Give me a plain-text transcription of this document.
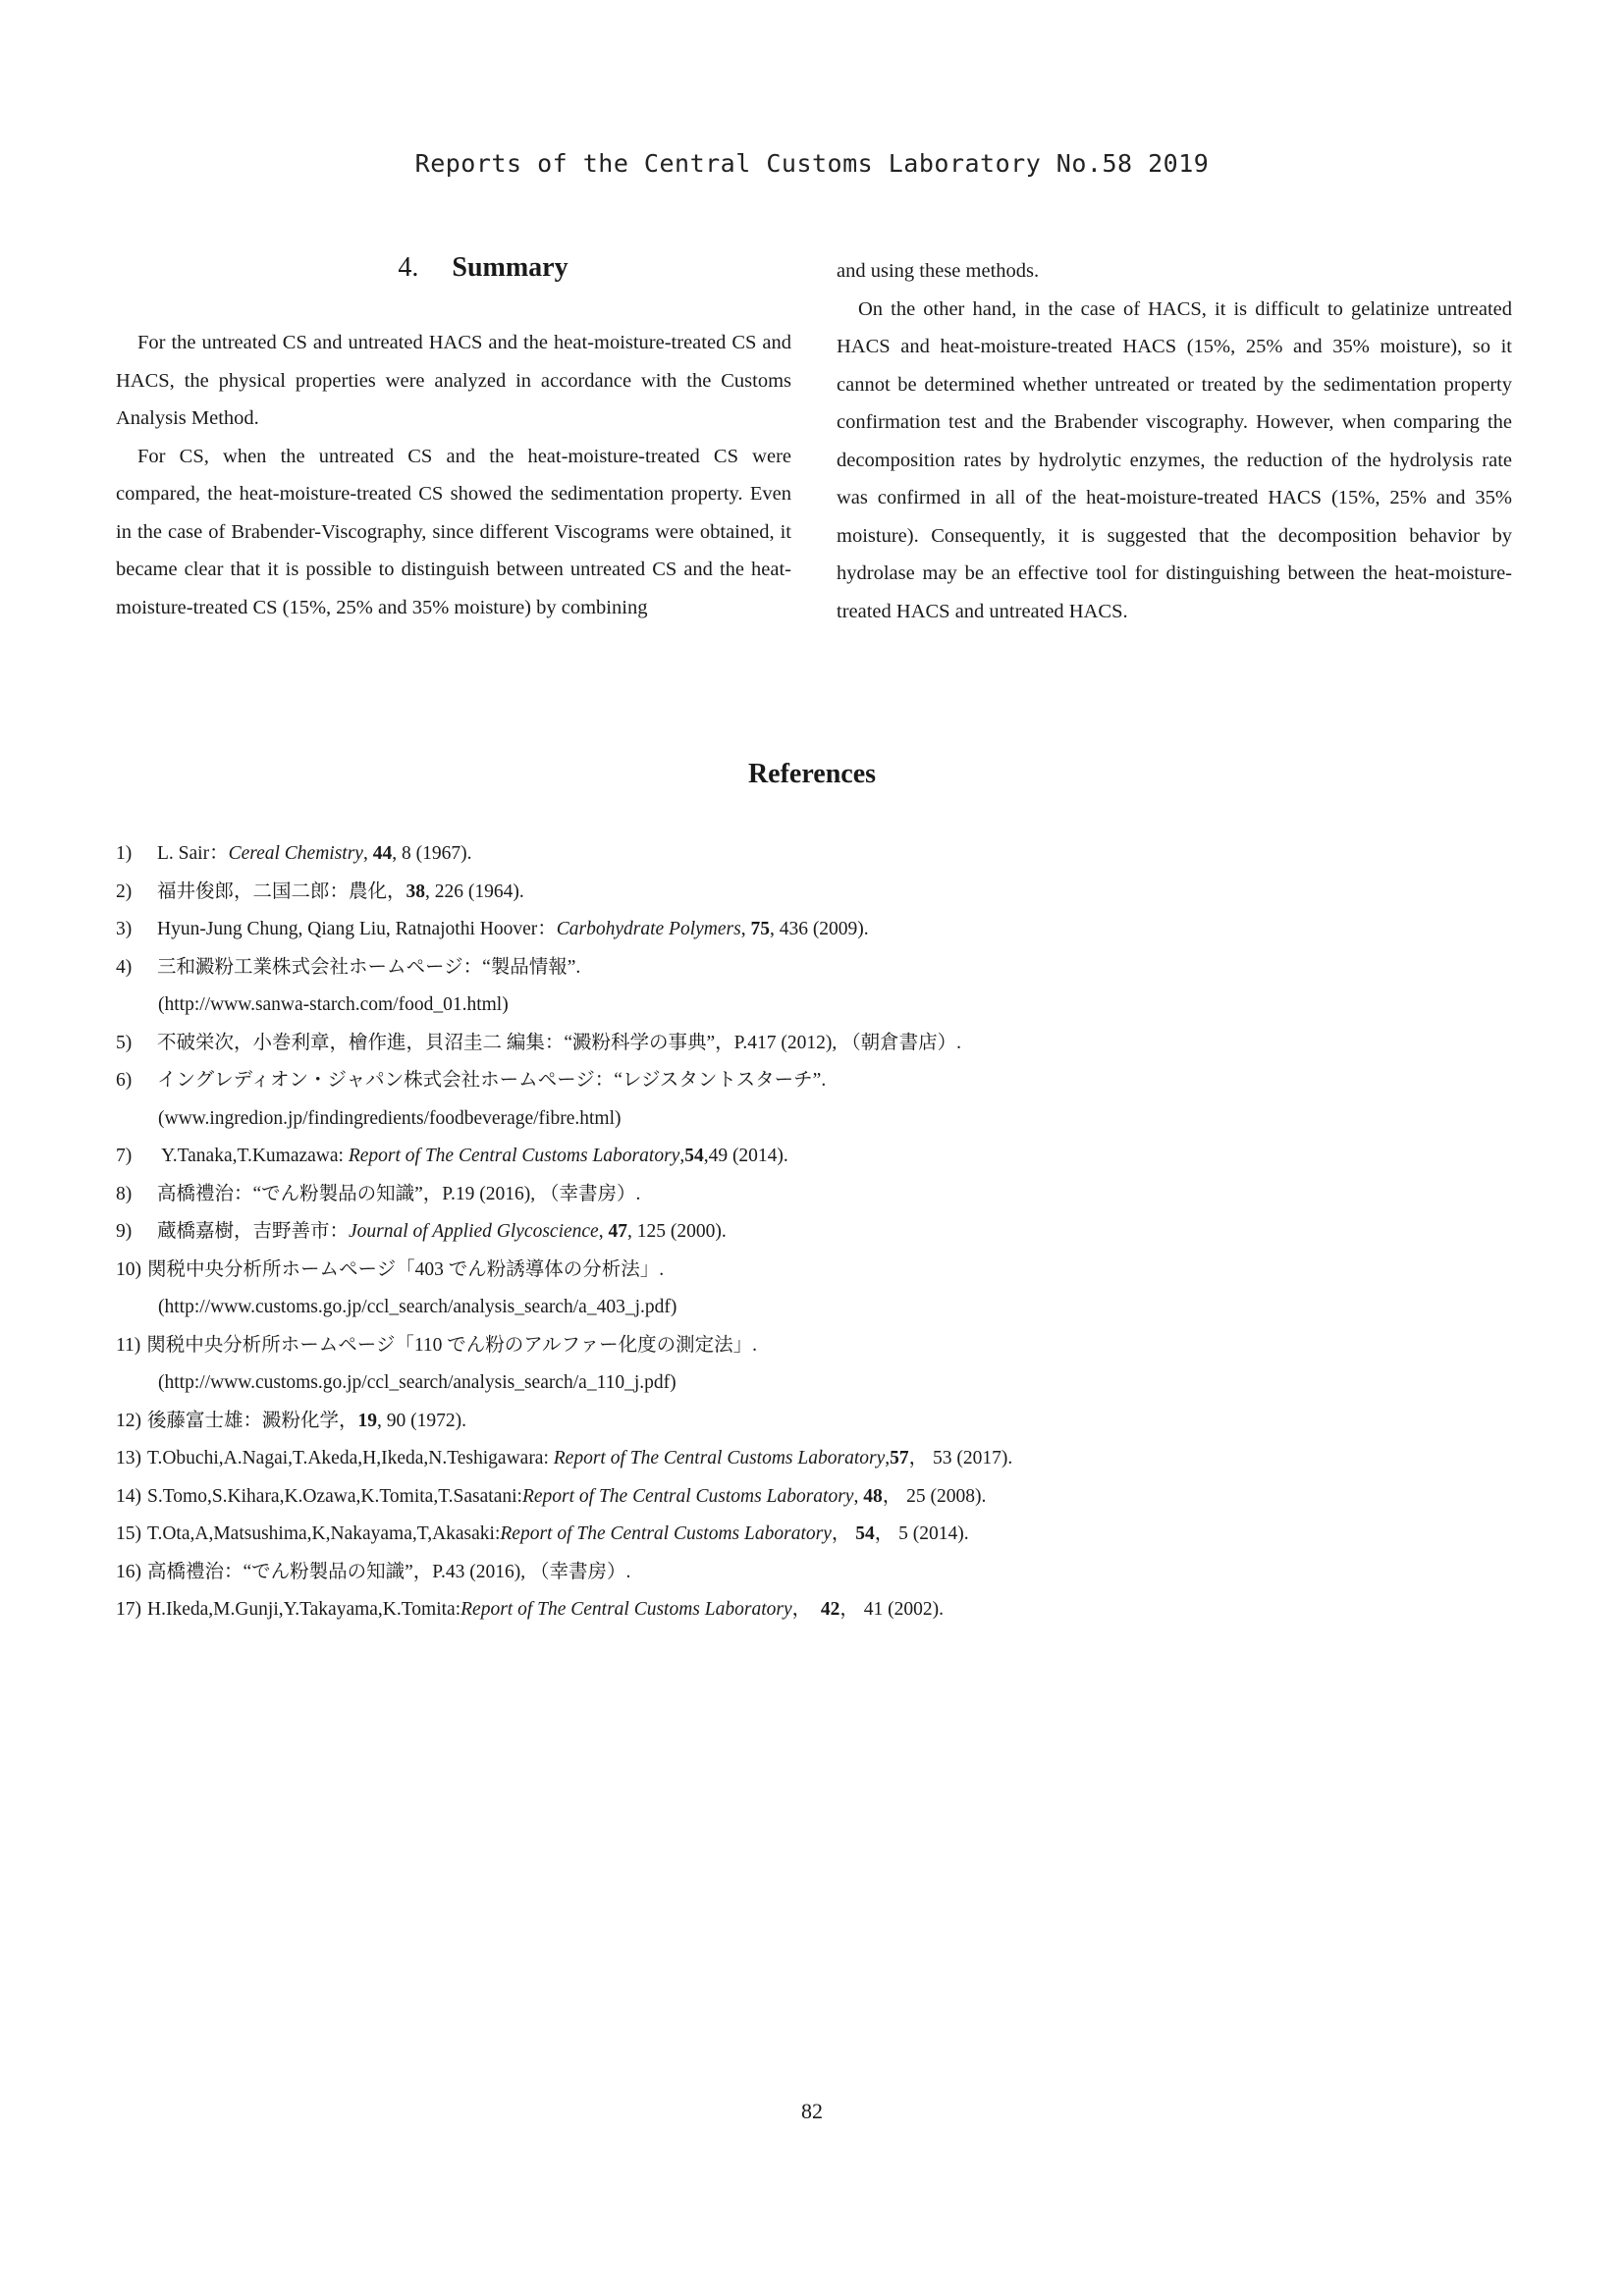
Reports of the Central Customs Laboratory No.58 2019
4. Summary

For the untreated CS and untreated HACS and the heat-moisture-treated CS and HACS, the physical properties were analyzed in accordance with the Customs Analysis Method.

For CS, when the untreated CS and the heat-moisture-treated CS were compared, the heat-moisture-treated CS showed the sedimentation property. Even in the case of Brabender-Viscography, since different Viscograms were obtained, it became clear that it is possible to distinguish between untreated CS and the heat-moisture-treated CS (15%, 25% and 35% moisture) by combining

and using these methods.

On the other hand, in the case of HACS, it is difficult to gelatinize untreated HACS and heat-moisture-treated HACS (15%, 25% and 35% moisture), so it cannot be determined whether untreated or treated by the sedimentation property confirmation test and the Brabender viscography. However, when comparing the decomposition rates by hydrolytic enzymes, the reduction of the hydrolysis rate was confirmed in all of the heat-moisture-treated HACS (15%, 25% and 35% moisture). Consequently, it is suggested that the decomposition behavior by hydrolase may be an effective tool for distinguishing between the heat-moisture-treated HACS and untreated HACS.

References
1) L. Sair：Cereal Chemistry, 44, 8 (1967).
2) 福井俊郎，二国二郎：農化，38, 226 (1964).
3) Hyun-Jung Chung, Qiang Liu, Ratnajothi Hoover：Carbohydrate Polymers, 75, 436 (2009).
4) 三和澱粉工業株式会社ホームページ：“製品情報”.
(http://www.sanwa-starch.com/food_01.html)
5) 不破栄次，小巻利章，檜作進，貝沼圭二 編集：“澱粉科学の事典”，P.417 (2012), （朝倉書店）.
6) イングレディオン・ジャパン株式会社ホームページ：“レジスタントスターチ”.
(www.ingredion.jp/findingredients/foodbeverage/fibre.html)
7) Y.Tanaka,T.Kumazawa: Report of The Central Customs Laboratory,54,49 (2014).
8) 高橋禮治：“でん粉製品の知識”，P.19 (2016), （幸書房）.
9) 蔵橋嘉樹，吉野善市：Journal of Applied Glycoscience, 47, 125 (2000).
10) 関税中央分析所ホームページ「403 でん粉誘導体の分析法」.
(http://www.customs.go.jp/ccl_search/analysis_search/a_403_j.pdf)
11) 関税中央分析所ホームページ「110 でん粉のアルファー化度の測定法」.
(http://www.customs.go.jp/ccl_search/analysis_search/a_110_j.pdf)
12) 後藤富士雄：澱粉化学，19, 90 (1972).
13) T.Obuchi,A.Nagai,T.Akeda,H,Ikeda,N.Teshigawara: Report of The Central Customs Laboratory,57， 53 (2017).
14) S.Tomo,S.Kihara,K.Ozawa,K.Tomita,T.Sasatani:Report of The Central Customs Laboratory, 48， 25 (2008).
15) T.Ota,A,Matsushima,K,Nakayama,T,Akasaki:Report of The Central Customs Laboratory， 54， 5 (2014).
16) 高橋禮治：“でん粉製品の知識”，P.43 (2016), （幸書房）.
17) H.Ikeda,M.Gunji,Y.Takayama,K.Tomita:Report of The Central Customs Laboratory，  42， 41 (2002).
82
